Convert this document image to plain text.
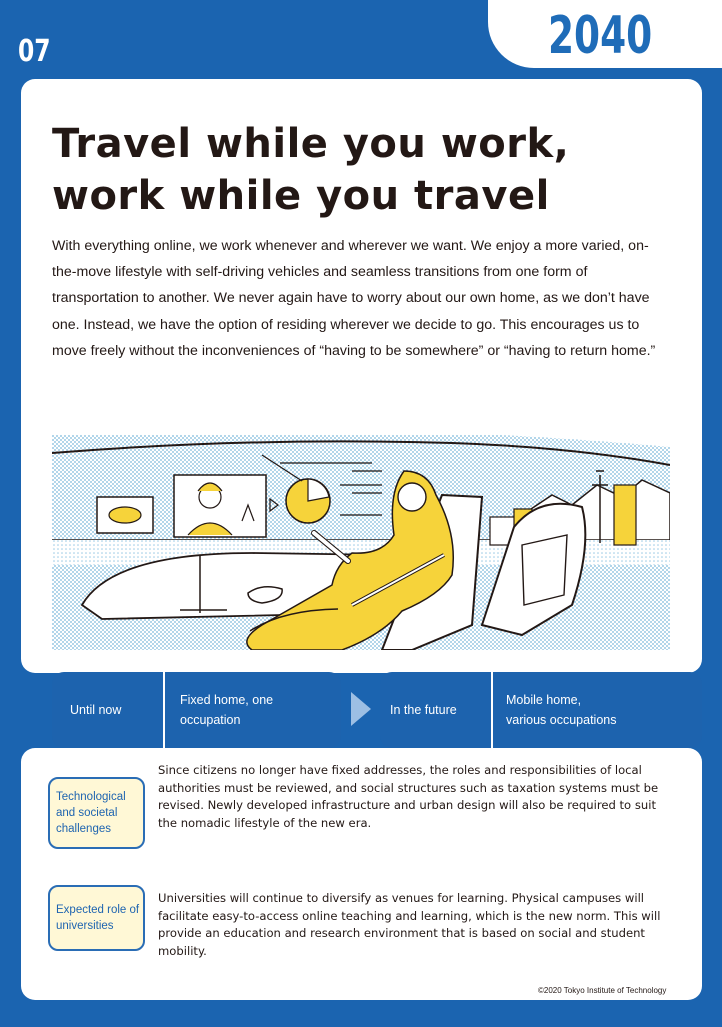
2040
07
Travel while you work,
work while you travel

With everything online, we work whenever and wherever we want. We enjoy a more varied, on-the-move lifestyle with self-driving vehicles and seamless transitions from one form of transportation to another. We never again have to worry about our own home, as we don’t have one. Instead, we have the option of residing wherever we decide to go. This encourages us to move freely without the inconveniences of “having to be somewhere” or “having to return home.”

Until now
Fixed home, one
occupation
In the future
Mobile home,
various occupations
Technological and societal challenges

Since citizens no longer have fixed addresses, the roles and responsibilities of local authorities must be reviewed, and social structures such as taxation systems must be revised. Newly developed infrastructure and urban design will also be required to suit the nomadic lifestyle of the new era.

Expected role of universities

Universities will continue to diversify as venues for learning. Physical campuses will facilitate easy-to-access online teaching and learning, which is the new norm. This will provide an education and research environment that is based on social and student mobility.

©2020 Tokyo Institute of Technology
